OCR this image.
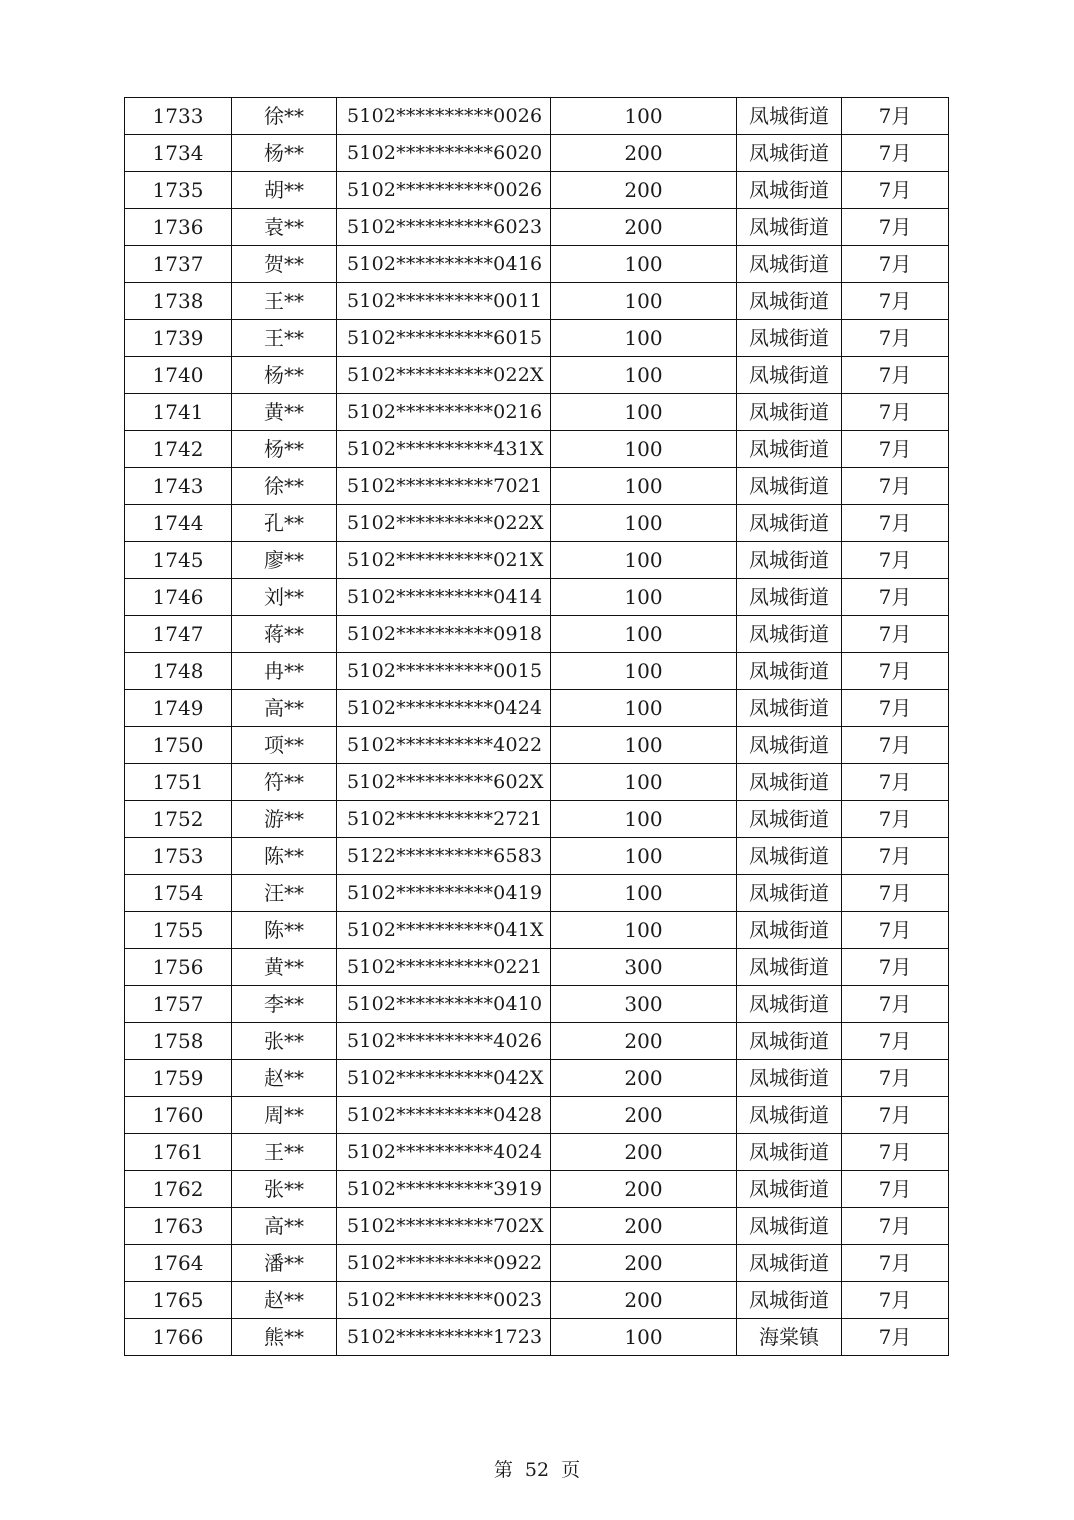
1733	徐**	5102**********0026	100	凤城街道	7月
1734	杨**	5102**********6020	200	凤城街道	7月
1735	胡**	5102**********0026	200	凤城街道	7月
1736	袁**	5102**********6023	200	凤城街道	7月
1737	贺**	5102**********0416	100	凤城街道	7月
1738	王**	5102**********0011	100	凤城街道	7月
1739	王**	5102**********6015	100	凤城街道	7月
1740	杨**	5102**********022X	100	凤城街道	7月
1741	黄**	5102**********0216	100	凤城街道	7月
1742	杨**	5102**********431X	100	凤城街道	7月
1743	徐**	5102**********7021	100	凤城街道	7月
1744	孔**	5102**********022X	100	凤城街道	7月
1745	廖**	5102**********021X	100	凤城街道	7月
1746	刘**	5102**********0414	100	凤城街道	7月
1747	蒋**	5102**********0918	100	凤城街道	7月
1748	冉**	5102**********0015	100	凤城街道	7月
1749	高**	5102**********0424	100	凤城街道	7月
1750	项**	5102**********4022	100	凤城街道	7月
1751	符**	5102**********602X	100	凤城街道	7月
1752	游**	5102**********2721	100	凤城街道	7月
1753	陈**	5122**********6583	100	凤城街道	7月
1754	汪**	5102**********0419	100	凤城街道	7月
1755	陈**	5102**********041X	100	凤城街道	7月
1756	黄**	5102**********0221	300	凤城街道	7月
1757	李**	5102**********0410	300	凤城街道	7月
1758	张**	5102**********4026	200	凤城街道	7月
1759	赵**	5102**********042X	200	凤城街道	7月
1760	周**	5102**********0428	200	凤城街道	7月
1761	王**	5102**********4024	200	凤城街道	7月
1762	张**	5102**********3919	200	凤城街道	7月
1763	高**	5102**********702X	200	凤城街道	7月
1764	潘**	5102**********0922	200	凤城街道	7月
1765	赵**	5102**********0023	200	凤城街道	7月
1766	熊**	5102**********1723	100	海棠镇	7月
第 52 页
